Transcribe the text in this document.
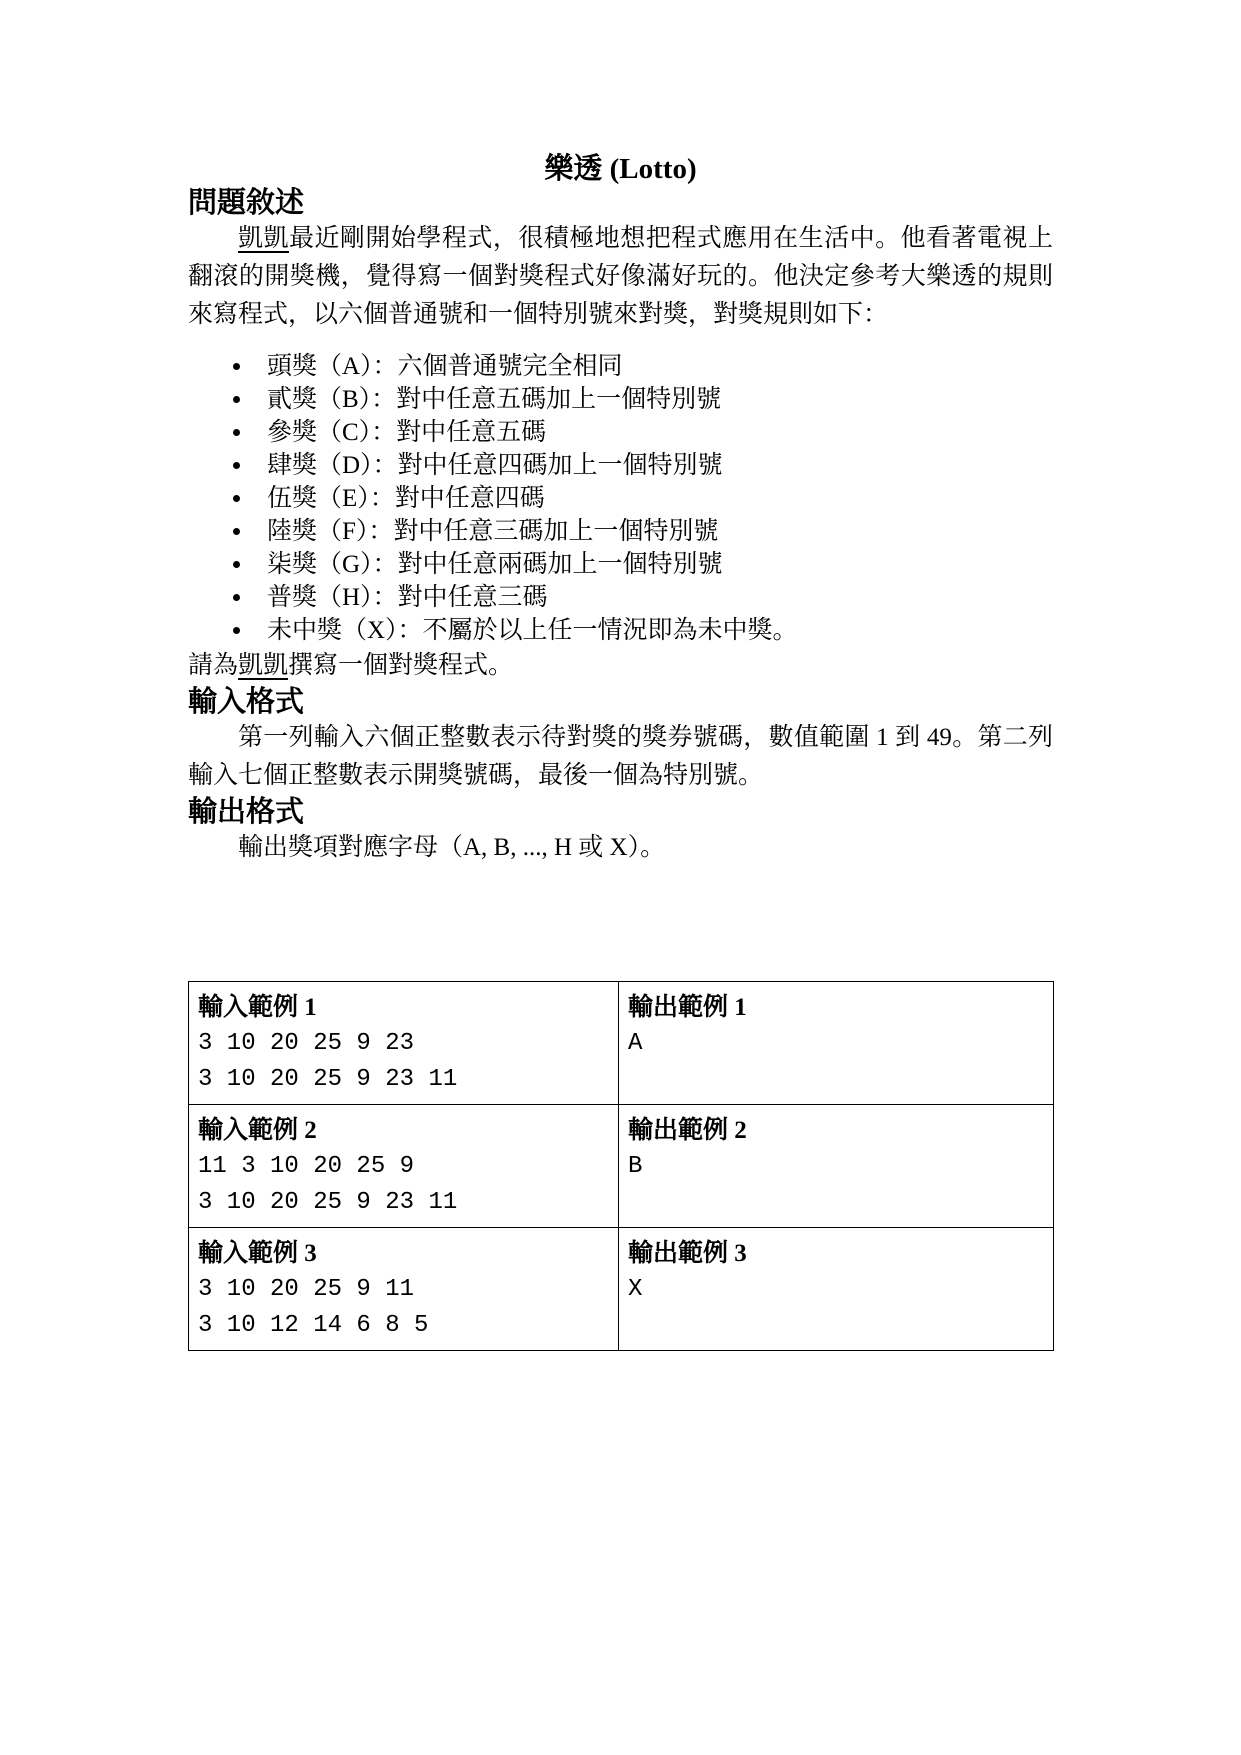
樂透 (Lotto)
問題敘述

凱凱最近剛開始學程式，很積極地想把程式應用在生活中。他看著電視上翻滾的開獎機，覺得寫一個對獎程式好像滿好玩的。他決定參考大樂透的規則來寫程式，以六個普通號和一個特別號來對獎，對獎規則如下：

頭獎（A）：六個普通號完全相同
貳獎（B）：對中任意五碼加上一個特別號
參獎（C）：對中任意五碼
肆獎（D）：對中任意四碼加上一個特別號
伍獎（E）：對中任意四碼
陸獎（F）：對中任意三碼加上一個特別號
柒獎（G）：對中任意兩碼加上一個特別號
普獎（H）：對中任意三碼
未中獎（X）：不屬於以上任一情況即為未中獎。

請為凱凱撰寫一個對獎程式。

輸入格式

第一列輸入六個正整數表示待對獎的獎券號碼，數值範圍 1 到 49。第二列輸入七個正整數表示開獎號碼，最後一個為特別號。

輸出格式

輸出獎項對應字母（A, B, ..., H 或 X）。

輸入範例 1
3 10 20 25 9 23
3 10 20 25 9 23 11

輸出範例 1
A

輸入範例 2
11 3 10 20 25 9
3 10 20 25 9 23 11

輸出範例 2
B

輸入範例 3
3 10 20 25 9 11
3 10 12 14 6 8 5

輸出範例 3
X
